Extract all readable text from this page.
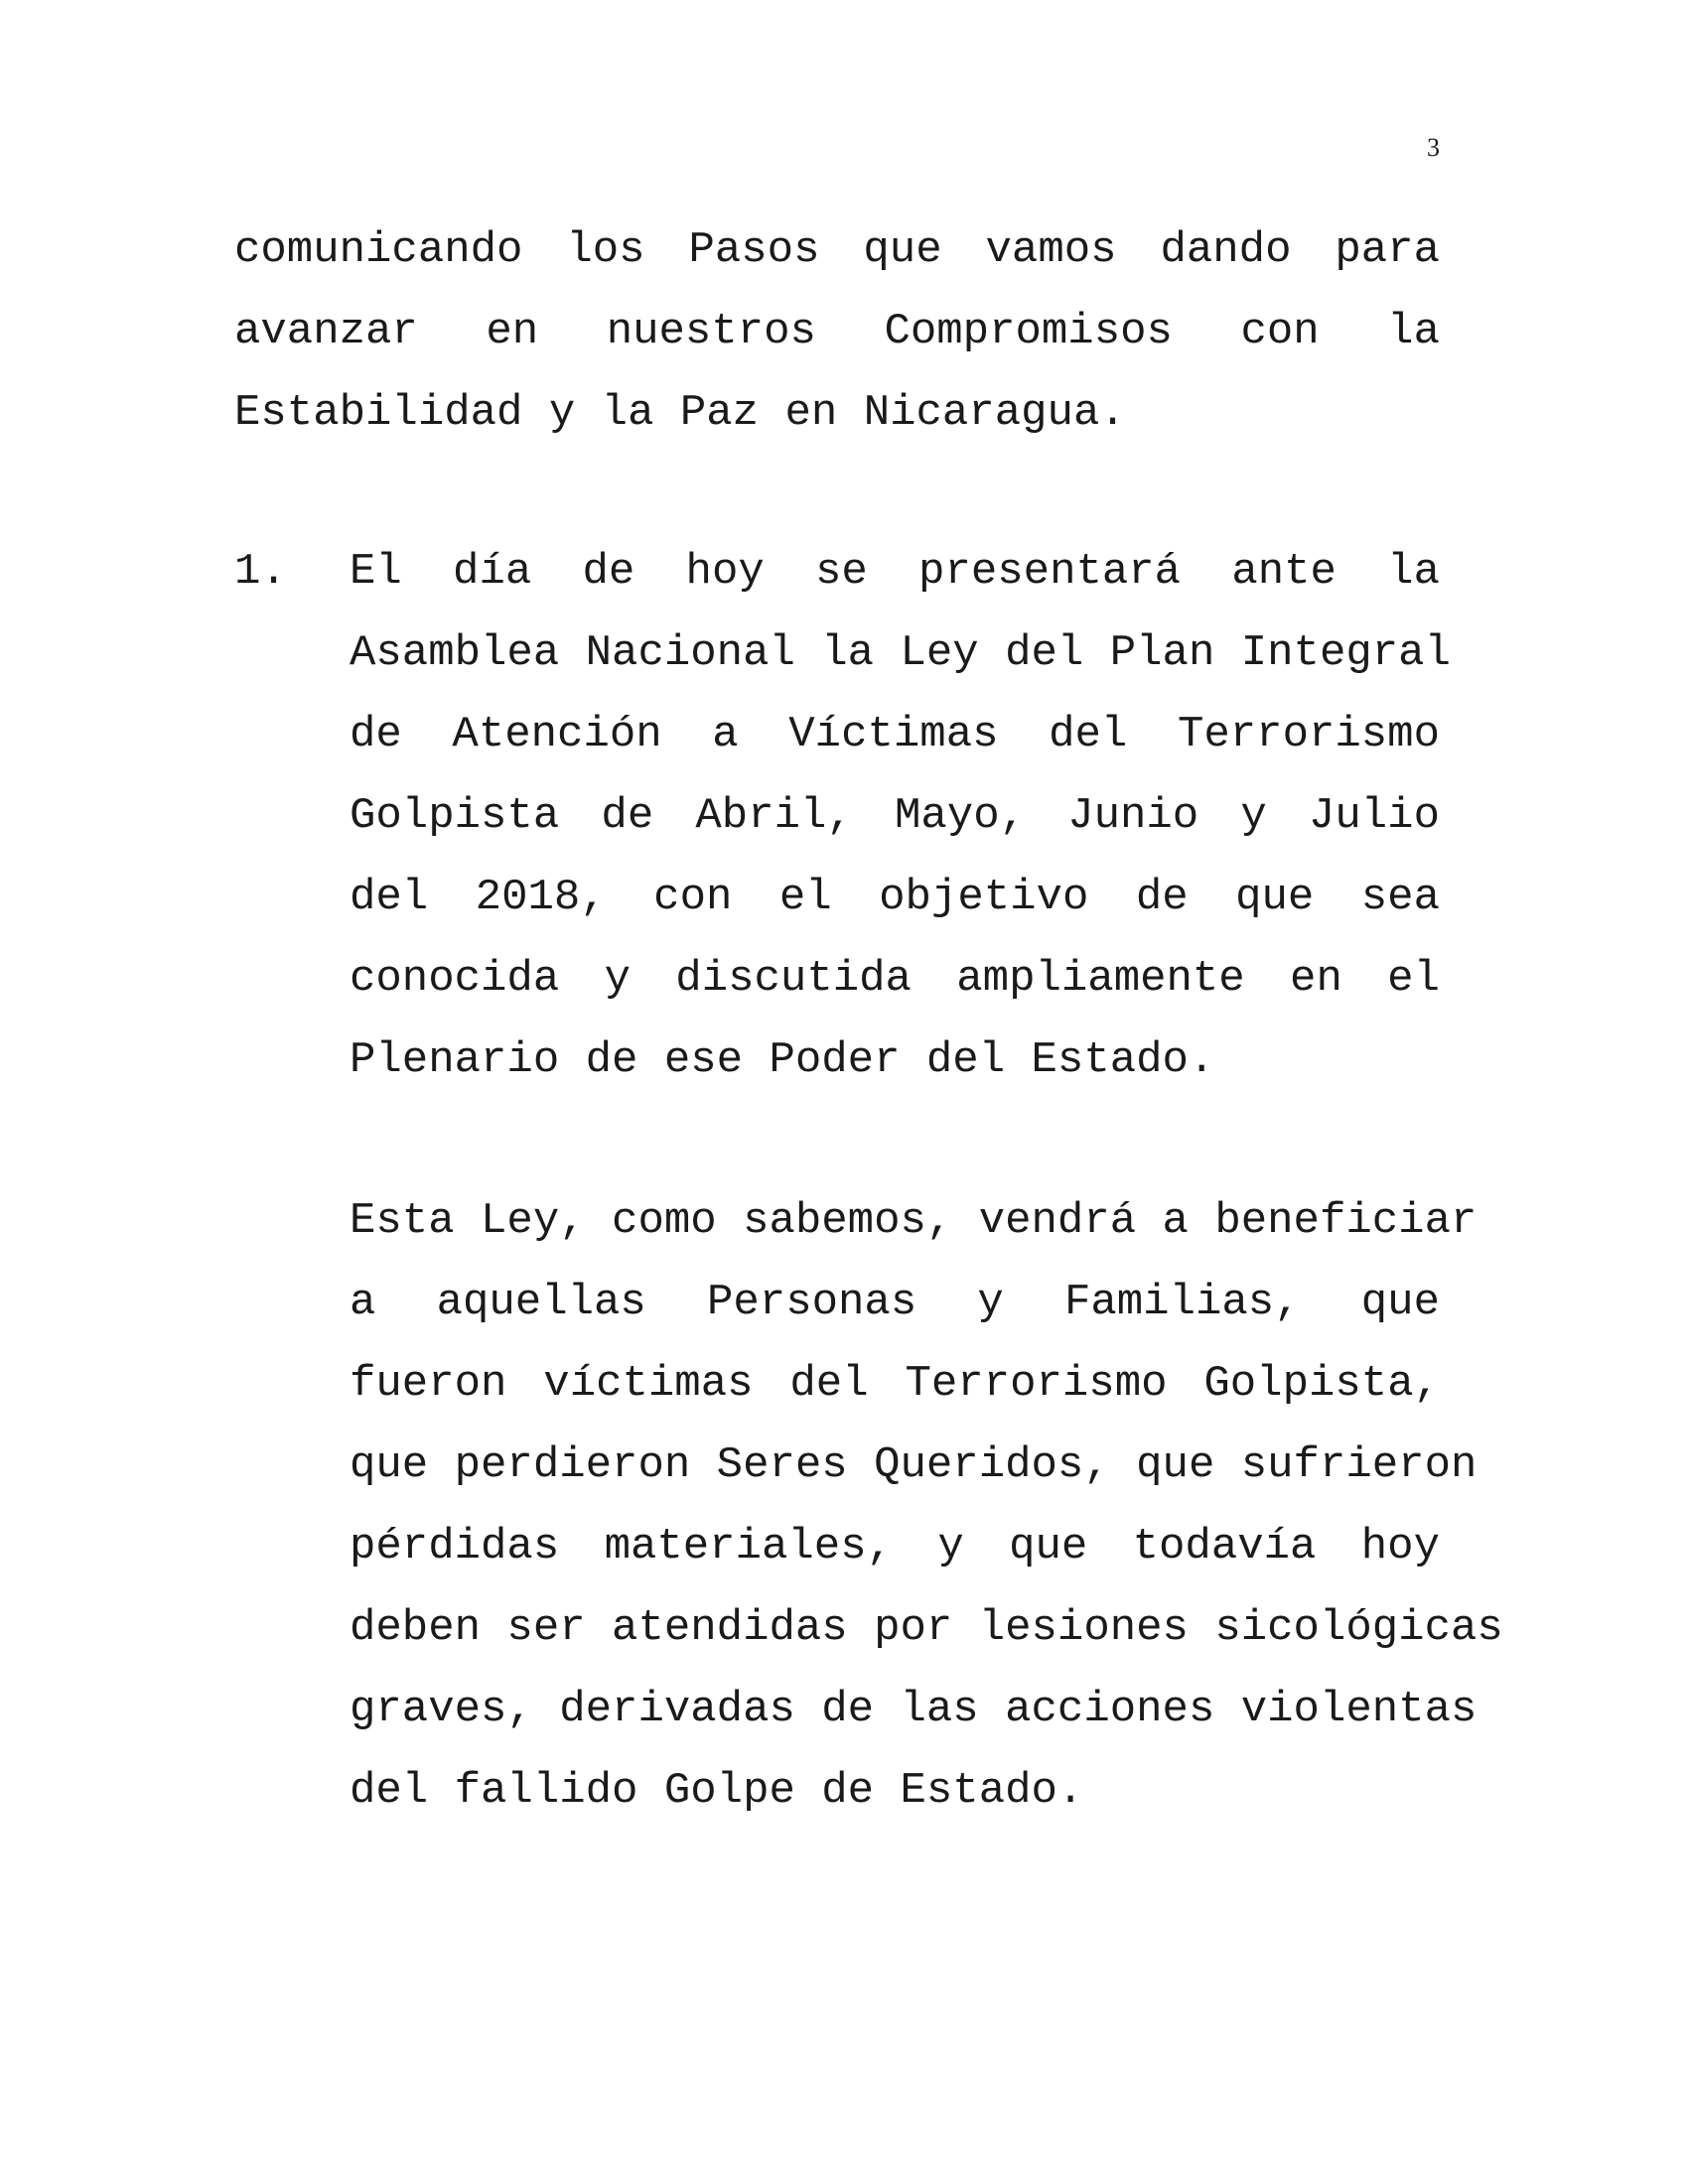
3
comunicando los Pasos que vamos dando para
avanzar en nuestros Compromisos con la
Estabilidad y la Paz en Nicaragua.
1. El día de hoy se presentará ante la
Asamblea Nacional la Ley del Plan Integral
de Atención a Víctimas del Terrorismo
Golpista de Abril, Mayo, Junio y Julio
del 2018, con el objetivo de que sea
conocida y discutida ampliamente en el
Plenario de ese Poder del Estado.
Esta Ley, como sabemos, vendrá a beneficiar
a aquellas Personas y Familias, que
fueron víctimas del Terrorismo Golpista,
que perdieron Seres Queridos, que sufrieron
pérdidas materiales, y que todavía hoy
deben ser atendidas por lesiones sicológicas
graves, derivadas de las acciones violentas
del fallido Golpe de Estado.
